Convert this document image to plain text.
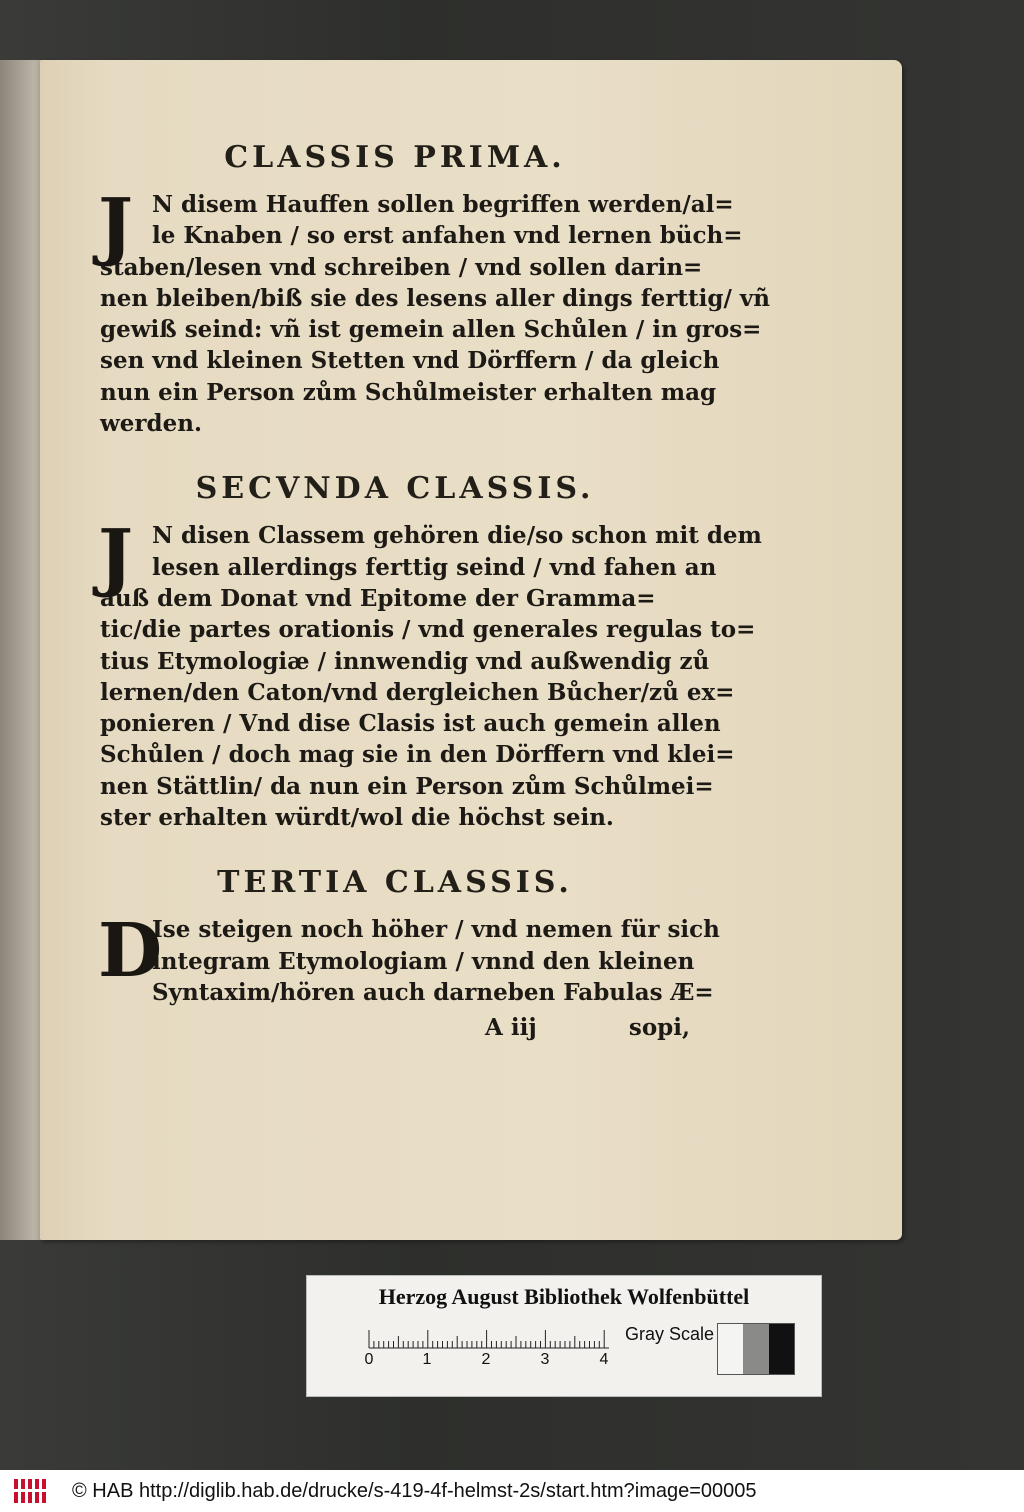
CLASSIS PRIMA.
J N disem Hauffen sollen begriffen werden/al=
le Knaben / so erst anfahen vnd lernen büch=
staben/lesen vnd schreiben / vnd sollen darin=
nen bleiben/biß sie des lesens aller dings ferttig/ vñ
gewiß seind: vñ ist gemein allen Schůlen / in gros=
sen vnd kleinen Stetten vnd Dörffern / da gleich
nun ein Person zům Schůlmeister erhalten mag
werden.
SECVNDA CLASSIS.
J N disen Classem gehören die/so schon mit dem
lesen allerdings ferttig seind / vnd fahen an
auß dem Donat vnd Epitome der Gramma=
tic/die partes orationis / vnd generales regulas to=
tius Etymologiæ / innwendig vnd außwendig zů
lernen/den Caton/vnd dergleichen Bůcher/zů ex=
ponieren / Vnd dise Clasis ist auch gemein allen
Schůlen / doch mag sie in den Dörffern vnd klei=
nen Stättlin/ da nun ein Person zům Schůlmei=
ster erhalten würdt/wol die höchst sein.
TERTIA CLASSIS.
D
Ise steigen noch höher / vnd nemen für sich
integram Etymologiam / vnnd den kleinen
Syntaxim/hören auch darneben Fabulas Æ=
A iij	sopi,
Herzog August Bibliothek Wolfenbüttel
0	1	2	3	4
Gray Scale
© HAB http://diglib.hab.de/drucke/s-419-4f-helmst-2s/start.htm?image=00005
